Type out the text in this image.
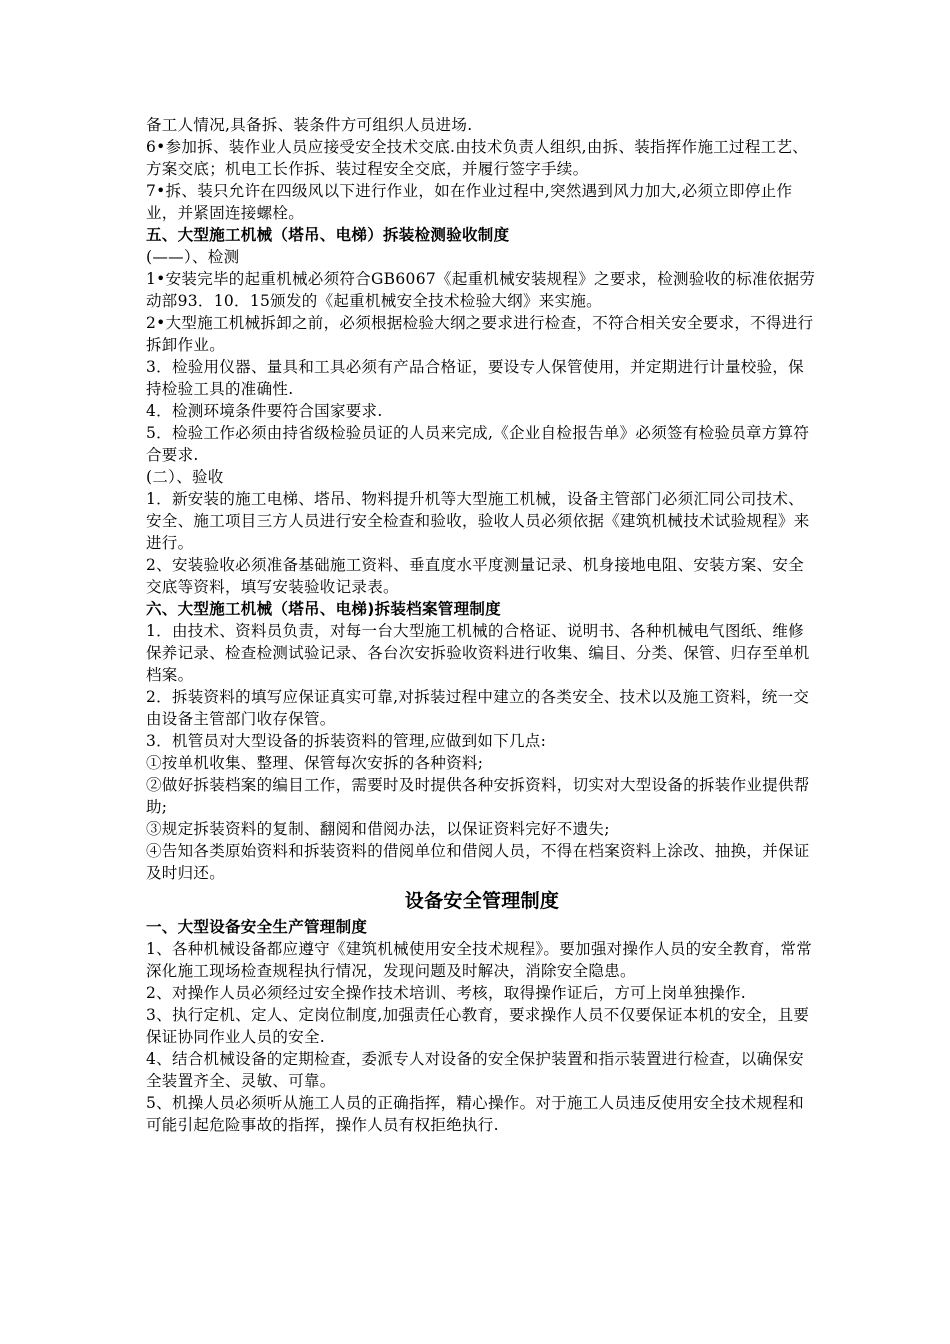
备工人情况,具备拆、装条件方可组织人员进场.

6•参加拆、装作业人员应接受安全技术交底.由技术负责人组织,由拆、装指挥作施工过程工艺、方案交底；机电工长作拆、装过程安全交底，并履行签字手续。

7•拆、装只允许在四级风以下进行作业，如在作业过程中,突然遇到风力加大,必须立即停止作业，并紧固连接螺栓。

五、大型施工机械（塔吊、电梯）拆装检测验收制度

(——）、检测

1•安装完毕的起重机械必须符合GB6067《起重机械安装规程》之要求，检测验收的标准依据劳动部93．10．15颁发的《起重机械安全技术检验大纲》来实施。

2•大型施工机械拆卸之前，必须根据检验大纲之要求进行检查，不符合相关安全要求，不得进行拆卸作业。

3．检验用仪器、量具和工具必须有产品合格证，要设专人保管使用，并定期进行计量校验，保持检验工具的准确性.

4．检测环境条件要符合国家要求.

5．检验工作必须由持省级检验员证的人员来完成,《企业自检报告单》必须签有检验员章方算符合要求.

(二）、验收

1．新安装的施工电梯、塔吊、物料提升机等大型施工机械，设备主管部门必须汇同公司技术、安全、施工项目三方人员进行安全检查和验收，验收人员必须依据《建筑机械技术试验规程》来进行。

2、安装验收必须准备基础施工资料、垂直度水平度测量记录、机身接地电阻、安装方案、安全交底等资料，填写安装验收记录表。

六、大型施工机械（塔吊、电梯)拆装档案管理制度

1．由技术、资料员负责，对每一台大型施工机械的合格证、说明书、各种机械电气图纸、维修保养记录、检查检测试验记录、各台次安拆验收资料进行收集、编目、分类、保管、归存至单机档案。

2．拆装资料的填写应保证真实可靠,对拆装过程中建立的各类安全、技术以及施工资料，统一交由设备主管部门收存保管。

3．机管员对大型设备的拆装资料的管理,应做到如下几点:

①按单机收集、整理、保管每次安拆的各种资料;

②做好拆装档案的编目工作，需要时及时提供各种安拆资料，切实对大型设备的拆装作业提供帮助;

③规定拆装资料的复制、翻阅和借阅办法，以保证资料完好不遗失;

④告知各类原始资料和拆装资料的借阅单位和借阅人员，不得在档案资料上涂改、抽换，并保证及时归还。

设备安全管理制度

一、大型设备安全生产管理制度

1、各种机械设备都应遵守《建筑机械使用安全技术规程》。要加强对操作人员的安全教育，常常深化施工现场检查规程执行情况，发现问题及时解决，消除安全隐患。

2、对操作人员必须经过安全操作技术培训、考核，取得操作证后，方可上岗单独操作.

3、执行定机、定人、定岗位制度,加强责任心教育，要求操作人员不仅要保证本机的安全，且要保证协同作业人员的安全.

4、结合机械设备的定期检查，委派专人对设备的安全保护装置和指示装置进行检查，以确保安全装置齐全、灵敏、可靠。

5、机操人员必须听从施工人员的正确指挥，精心操作。对于施工人员违反使用安全技术规程和可能引起危险事故的指挥，操作人员有权拒绝执行.
